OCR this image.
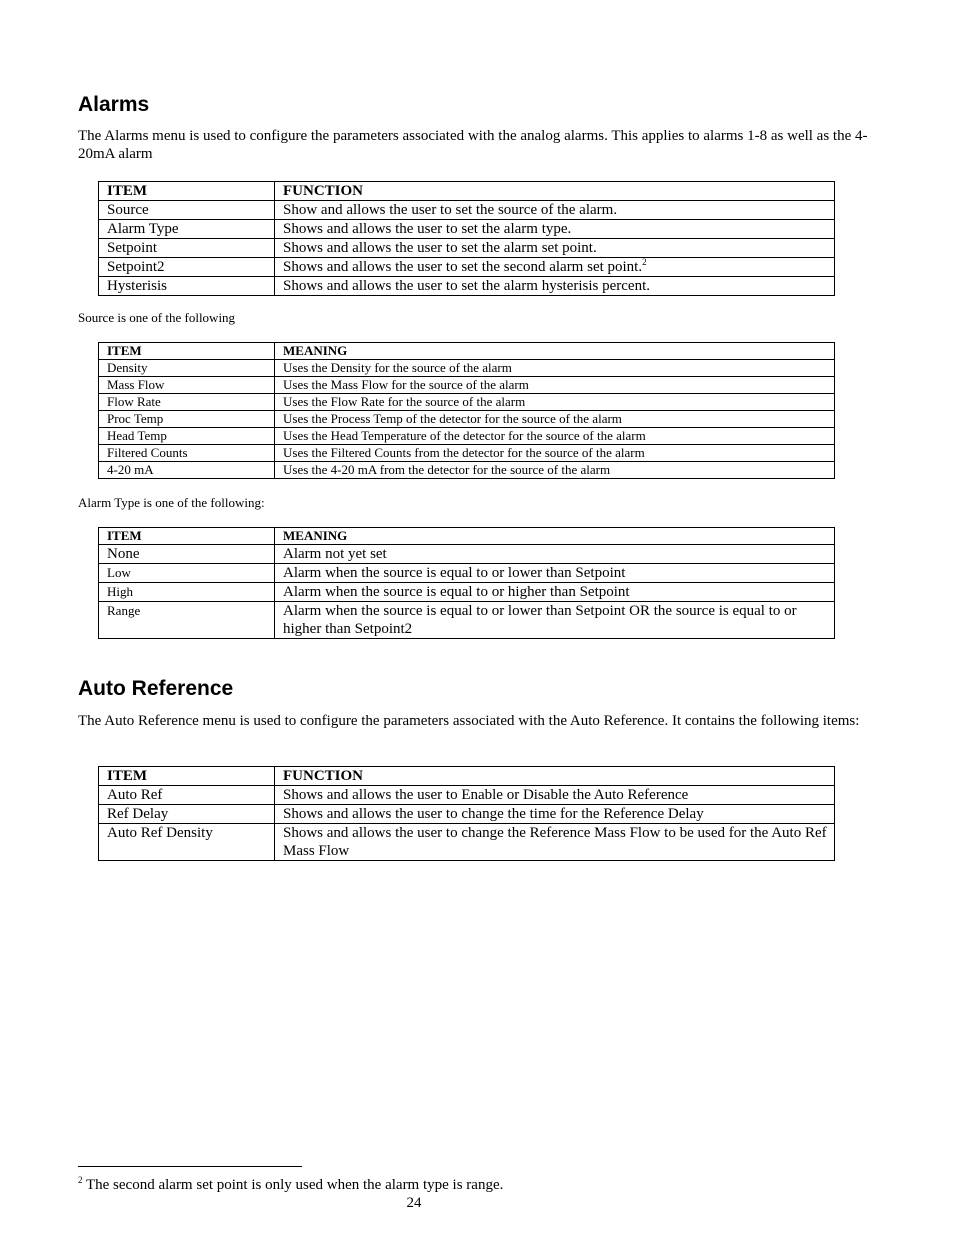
Alarms

The Alarms menu is used to configure the parameters associated with the analog alarms. This applies to alarms 1-8 as well as the 4-20mA alarm

ITEM	FUNCTION
Source	Show and allows the user to set the source of the alarm.
Alarm Type	Shows and allows the user to set the alarm type.
Setpoint	Shows and allows the user to set the alarm set point.
Setpoint2	Shows and allows the user to set the second alarm set point.$^2$
Hysterisis	Shows and allows the user to set the alarm hysterisis percent.

Source is one of the following

ITEM	MEANING
Density	Uses the Density for the source of the alarm
Mass Flow	Uses the Mass Flow for the source of the alarm
Flow Rate	Uses the Flow Rate for the source of the alarm
Proc Temp	Uses the Process Temp of the detector for the source of the alarm
Head Temp	Uses the Head Temperature of the detector for the source of the alarm
Filtered Counts	Uses the Filtered Counts from the detector for the source of the alarm
4-20 mA	Uses the 4-20 mA from the detector for the source of the alarm

Alarm Type is one of the following:

ITEM	MEANING
None	Alarm not yet set
Low	Alarm when the source is equal to or lower than Setpoint
High	Alarm when the source is equal to or higher than Setpoint
Range	Alarm when the source is equal to or lower than Setpoint OR the source is equal to or higher than Setpoint2
Auto Reference

The Auto Reference menu is used to configure the parameters associated with the Auto Reference. It contains the following items:

ITEM	FUNCTION
Auto Ref	Shows and allows the user to Enable or Disable the Auto Reference
Ref Delay	Shows and allows the user to change the time for the Reference Delay
Auto Ref Density	Shows and allows the user to change the Reference Mass Flow to be used for the Auto Ref Mass Flow

$^2$ The second alarm set point is only used when the alarm type is range.

24
